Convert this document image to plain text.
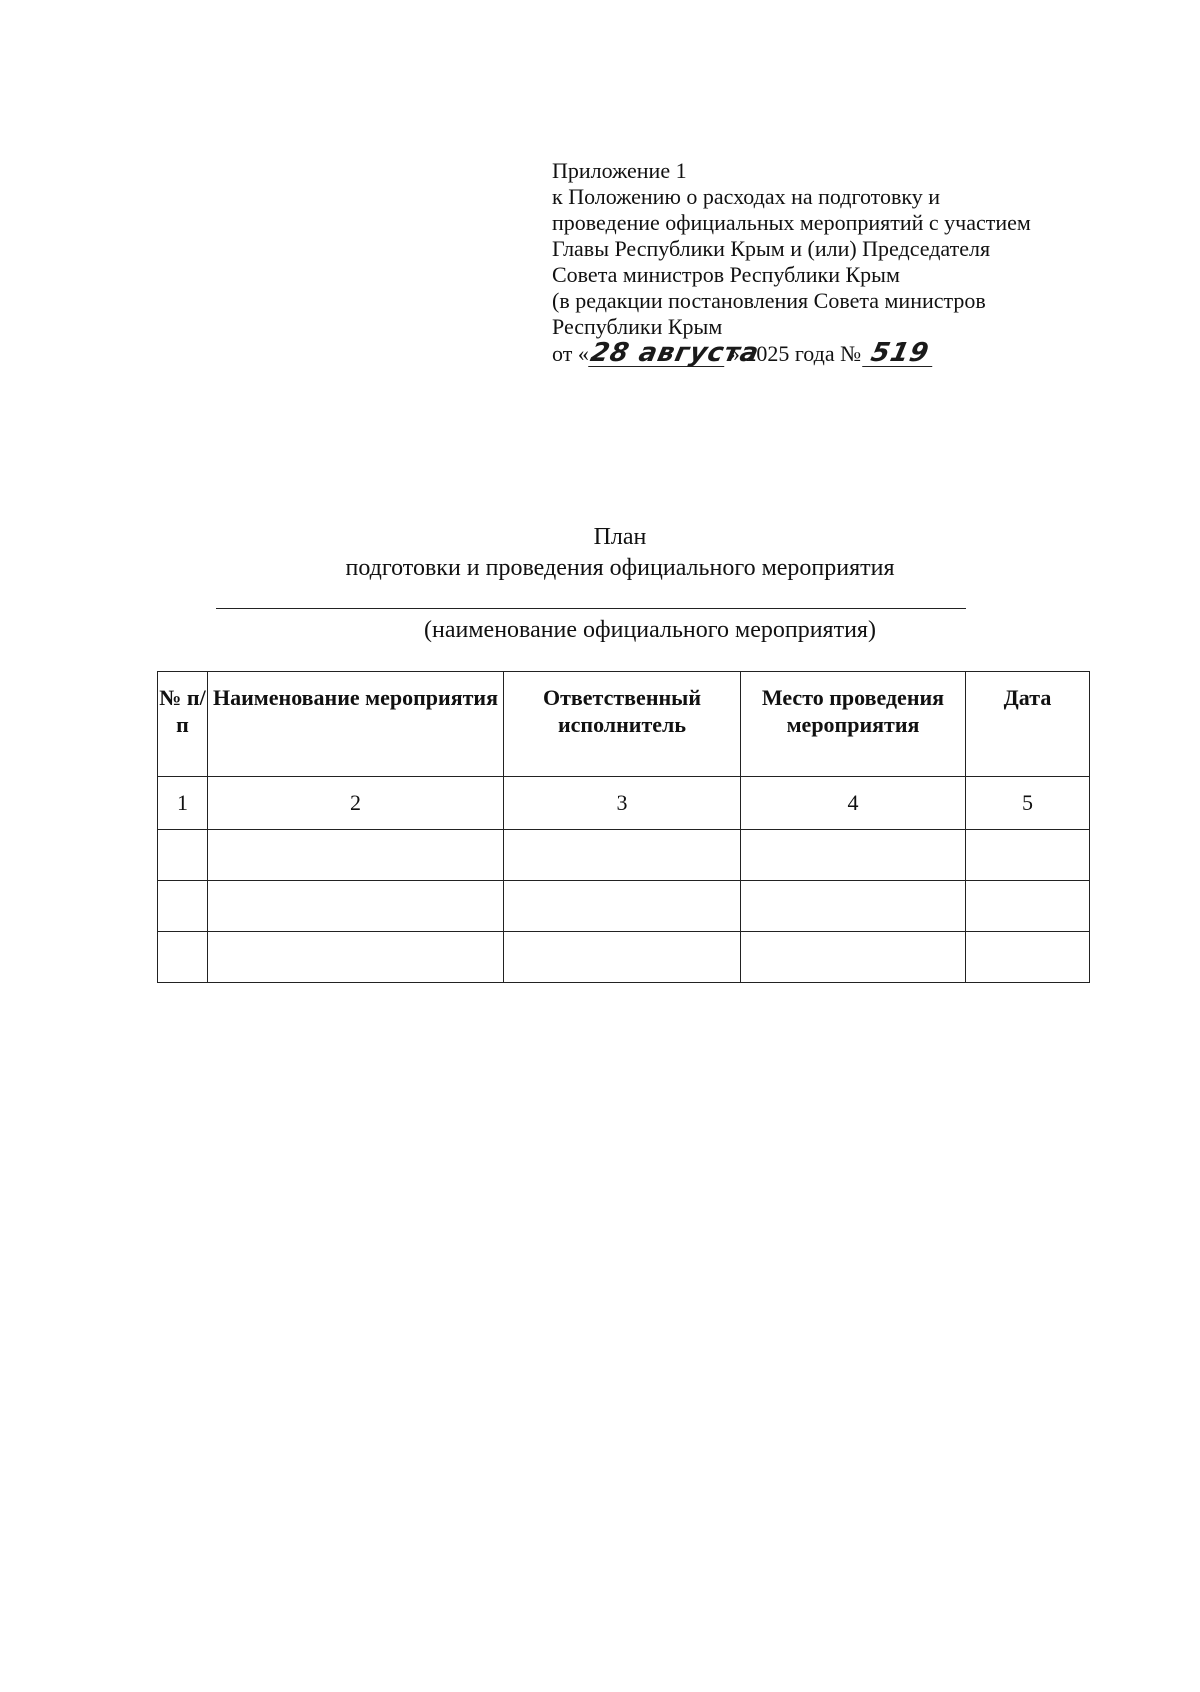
Приложение 1
к Положению о расходах на подготовку и
проведение официальных мероприятий с участием
Главы Республики Крым и (или) Председателя
Совета министров Республики Крым
(в редакции постановления Совета министров
Республики Крым
от «
28 августа
» 2025 года № 519
План
подготовки и проведения официального мероприятия
(наименование официального мероприятия)
№ п/п	Наименование мероприятия	Ответственный исполнитель	Место проведения мероприятия	Дата
1	2	3	4	5
